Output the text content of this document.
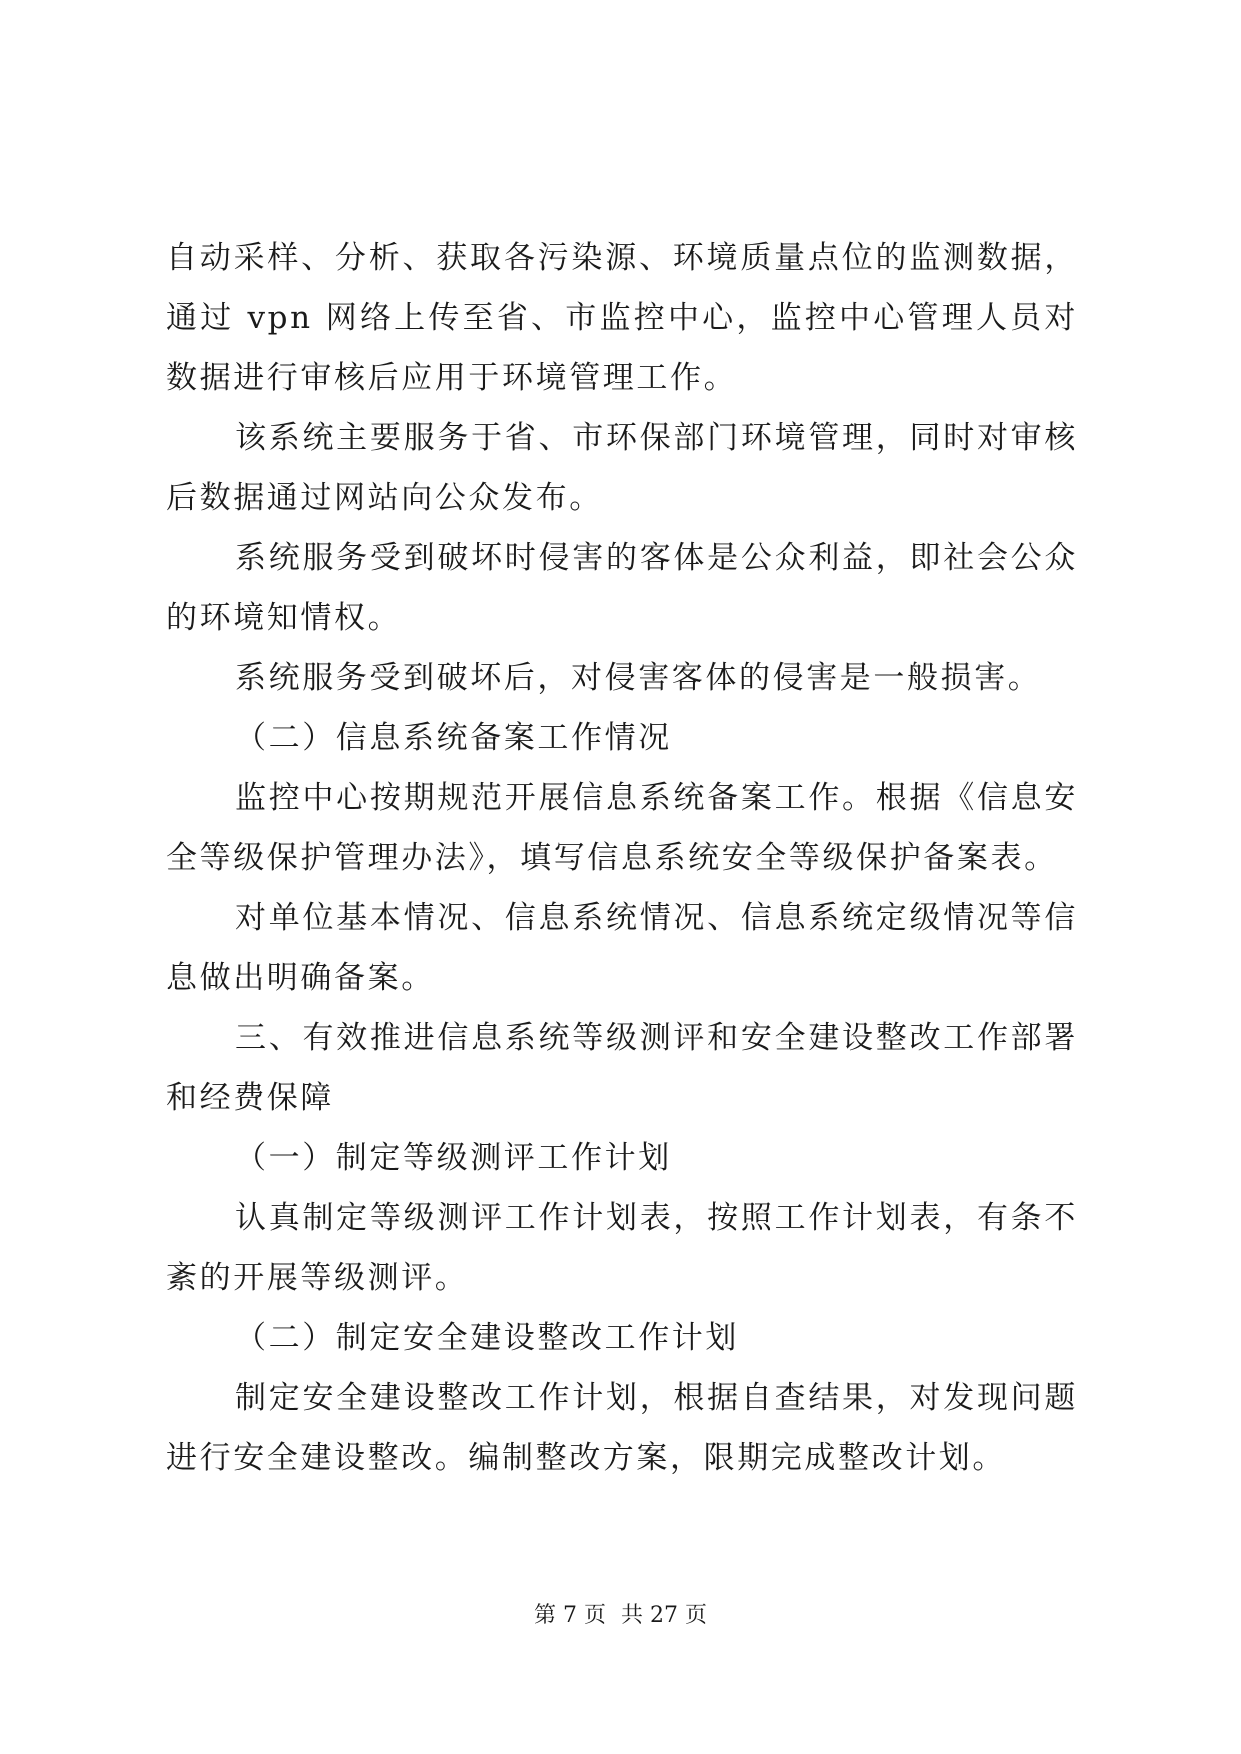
自动采样、分析、获取各污染源、环境质量点位的监测数据，通过 vpn 网络上传至省、市监控中心，监控中心管理人员对数据进行审核后应用于环境管理工作。

该系统主要服务于省、市环保部门环境管理，同时对审核后数据通过网站向公众发布。

系统服务受到破坏时侵害的客体是公众利益，即社会公众的环境知情权。

系统服务受到破坏后，对侵害客体的侵害是一般损害。

（二）信息系统备案工作情况

监控中心按期规范开展信息系统备案工作。根据《信息安全等级保护管理办法》，填写信息系统安全等级保护备案表。

对单位基本情况、信息系统情况、信息系统定级情况等信息做出明确备案。

三、有效推进信息系统等级测评和安全建设整改工作部署和经费保障

（一）制定等级测评工作计划

认真制定等级测评工作计划表，按照工作计划表，有条不紊的开展等级测评。

（二）制定安全建设整改工作计划

制定安全建设整改工作计划，根据自查结果，对发现问题进行安全建设整改。编制整改方案，限期完成整改计划。

第 7 页 共 27 页
